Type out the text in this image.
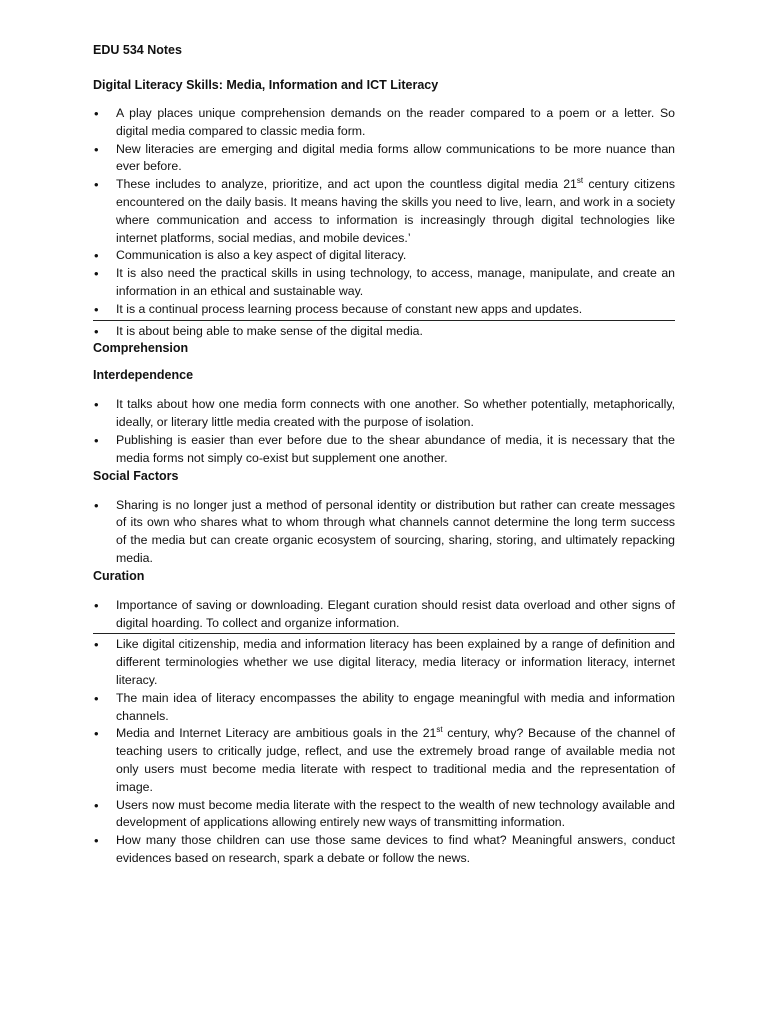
EDU 534 Notes
Digital Literacy Skills: Media, Information and ICT Literacy
• A play places unique comprehension demands on the reader compared to a poem or a letter. So digital media compared to classic media form.
• New literacies are emerging and digital media forms allow communications to be more nuance than ever before.
• These includes to analyze, prioritize, and act upon the countless digital media 21st century citizens encountered on the daily basis. It means having the skills you need to live, learn, and work in a society where communication and access to information is increasingly through digital technologies like internet platforms, social medias, and mobile devices.’
• Communication is also a key aspect of digital literacy.
• It is also need the practical skills in using technology, to access, manage, manipulate, and create an information in an ethical and sustainable way.
• It is a continual process learning process because of constant new apps and updates.
• It is about being able to make sense of the digital media.
Comprehension
Interdependence
• It talks about how one media form connects with one another. So whether potentially, metaphorically, ideally, or literary little media created with the purpose of isolation.
• Publishing is easier than ever before due to the shear abundance of media, it is necessary that the media forms not simply co-exist but supplement one another.
Social Factors
• Sharing is no longer just a method of personal identity or distribution but rather can create messages of its own who shares what to whom through what channels cannot determine the long term success of the media but can create organic ecosystem of sourcing, sharing, storing, and ultimately repacking media.
Curation
• Importance of saving or downloading. Elegant curation should resist data overload and other signs of digital hoarding. To collect and organize information.
• Like digital citizenship, media and information literacy has been explained by a range of definition and different terminologies whether we use digital literacy, media literacy or information literacy, internet literacy.
• The main idea of literacy encompasses the ability to engage meaningful with media and information channels.
• Media and Internet Literacy are ambitious goals in the 21st century, why? Because of the channel of teaching users to critically judge, reflect, and use the extremely broad range of available media not only users must become media literate with respect to traditional media and the representation of image.
• Users now must become media literate with the respect to the wealth of new technology available and development of applications allowing entirely new ways of transmitting information.
• How many those children can use those same devices to find what? Meaningful answers, conduct evidences based on research, spark a debate or follow the news.
